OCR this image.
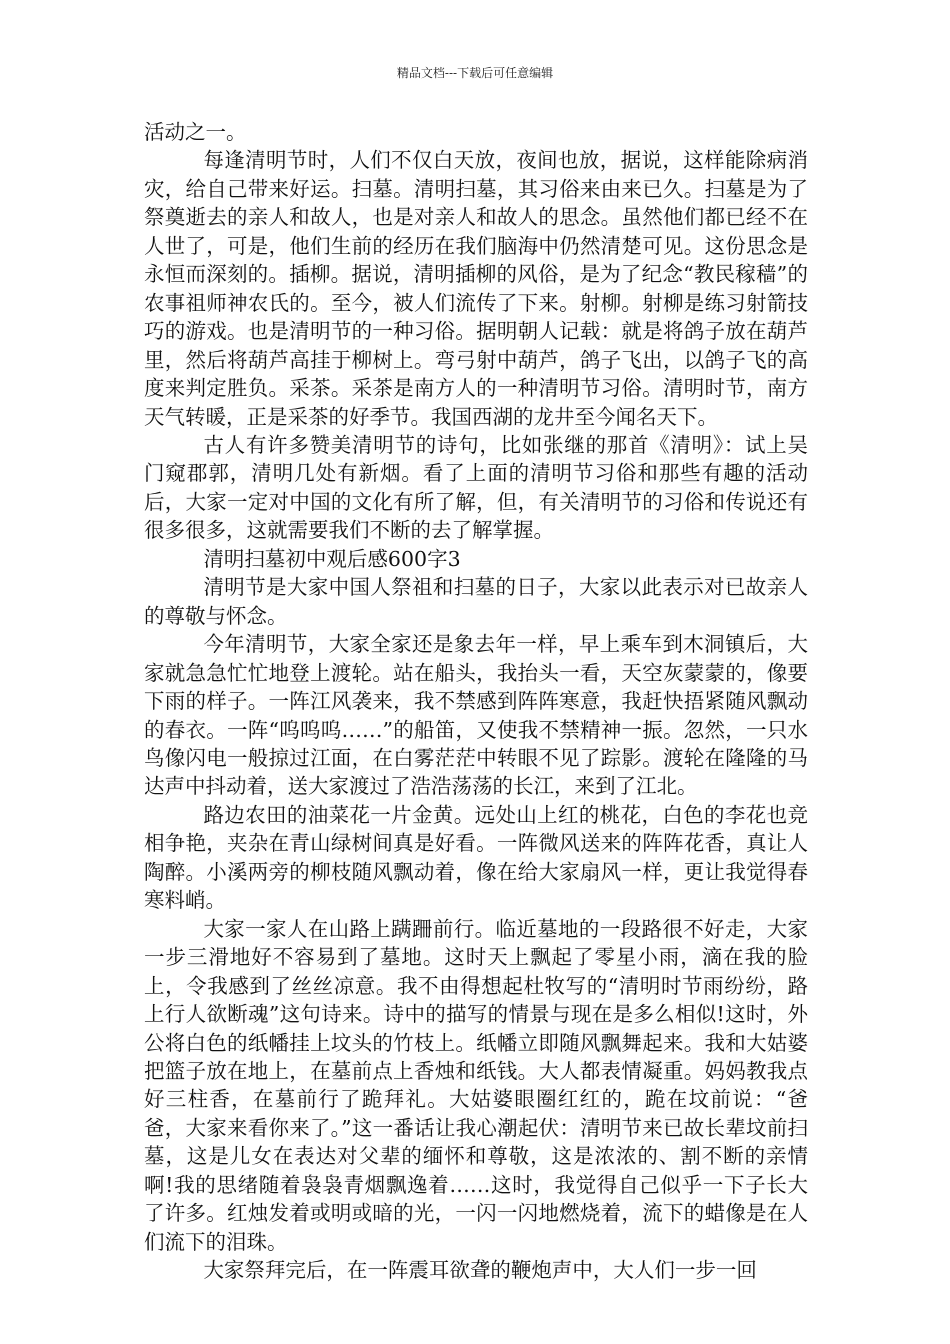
精品文档---下载后可任意编辑

活动之一。

每逢清明节时，人们不仅白天放，夜间也放，据说，这样能除病消灾，给自己带来好运。扫墓。清明扫墓，其习俗来由来已久。扫墓是为了祭奠逝去的亲人和故人，也是对亲人和故人的思念。虽然他们都已经不在人世了，可是，他们生前的经历在我们脑海中仍然清楚可见。这份思念是永恒而深刻的。插柳。据说，清明插柳的风俗，是为了纪念“教民稼穑”的农事祖师神农氏的。至今，被人们流传了下来。射柳。射柳是练习射箭技巧的游戏。也是清明节的一种习俗。据明朝人记载：就是将鸽子放在葫芦里，然后将葫芦高挂于柳树上。弯弓射中葫芦，鸽子飞出，以鸽子飞的高度来判定胜负。采茶。采茶是南方人的一种清明节习俗。清明时节，南方天气转暖，正是采茶的好季节。我国西湖的龙井至今闻名天下。

古人有许多赞美清明节的诗句，比如张继的那首《清明》：试上吴门窥郡郭，清明几处有新烟。看了上面的清明节习俗和那些有趣的活动后，大家一定对中国的文化有所了解，但，有关清明节的习俗和传说还有很多很多，这就需要我们不断的去了解掌握。

清明扫墓初中观后感600字3

清明节是大家中国人祭祖和扫墓的日子，大家以此表示对已故亲人的尊敬与怀念。

今年清明节，大家全家还是象去年一样，早上乘车到木洞镇后，大家就急急忙忙地登上渡轮。站在船头，我抬头一看，天空灰蒙蒙的，像要下雨的样子。一阵江风袭来，我不禁感到阵阵寒意，我赶快捂紧随风飘动的春衣。一阵“呜呜呜……”的船笛，又使我不禁精神一振。忽然，一只水鸟像闪电一般掠过江面，在白雾茫茫中转眼不见了踪影。渡轮在隆隆的马达声中抖动着，送大家渡过了浩浩荡荡的长江，来到了江北。

路边农田的油菜花一片金黄。远处山上红的桃花，白色的李花也竞相争艳，夹杂在青山绿树间真是好看。一阵微风送来的阵阵花香，真让人陶醉。小溪两旁的柳枝随风飘动着，像在给大家扇风一样，更让我觉得春寒料峭。

大家一家人在山路上蹒跚前行。临近墓地的一段路很不好走，大家一步三滑地好不容易到了墓地。这时天上飘起了零星小雨，滴在我的脸上，令我感到了丝丝凉意。我不由得想起杜牧写的“清明时节雨纷纷，路上行人欲断魂”这句诗来。诗中的描写的情景与现在是多么相似!这时，外公将白色的纸幡挂上坟头的竹枝上。纸幡立即随风飘舞起来。我和大姑婆把篮子放在地上，在墓前点上香烛和纸钱。大人都表情凝重。妈妈教我点好三柱香，在墓前行了跪拜礼。大姑婆眼圈红红的，跪在坟前说：“爸爸，大家来看你来了。”这一番话让我心潮起伏：清明节来已故长辈坟前扫墓，这是儿女在表达对父辈的缅怀和尊敬，这是浓浓的、割不断的亲情啊!我的思绪随着袅袅青烟飘逸着……这时，我觉得自己似乎一下子长大了许多。红烛发着或明或暗的光，一闪一闪地燃烧着，流下的蜡像是在人们流下的泪珠。

大家祭拜完后，在一阵震耳欲聋的鞭炮声中，大人们一步一回
